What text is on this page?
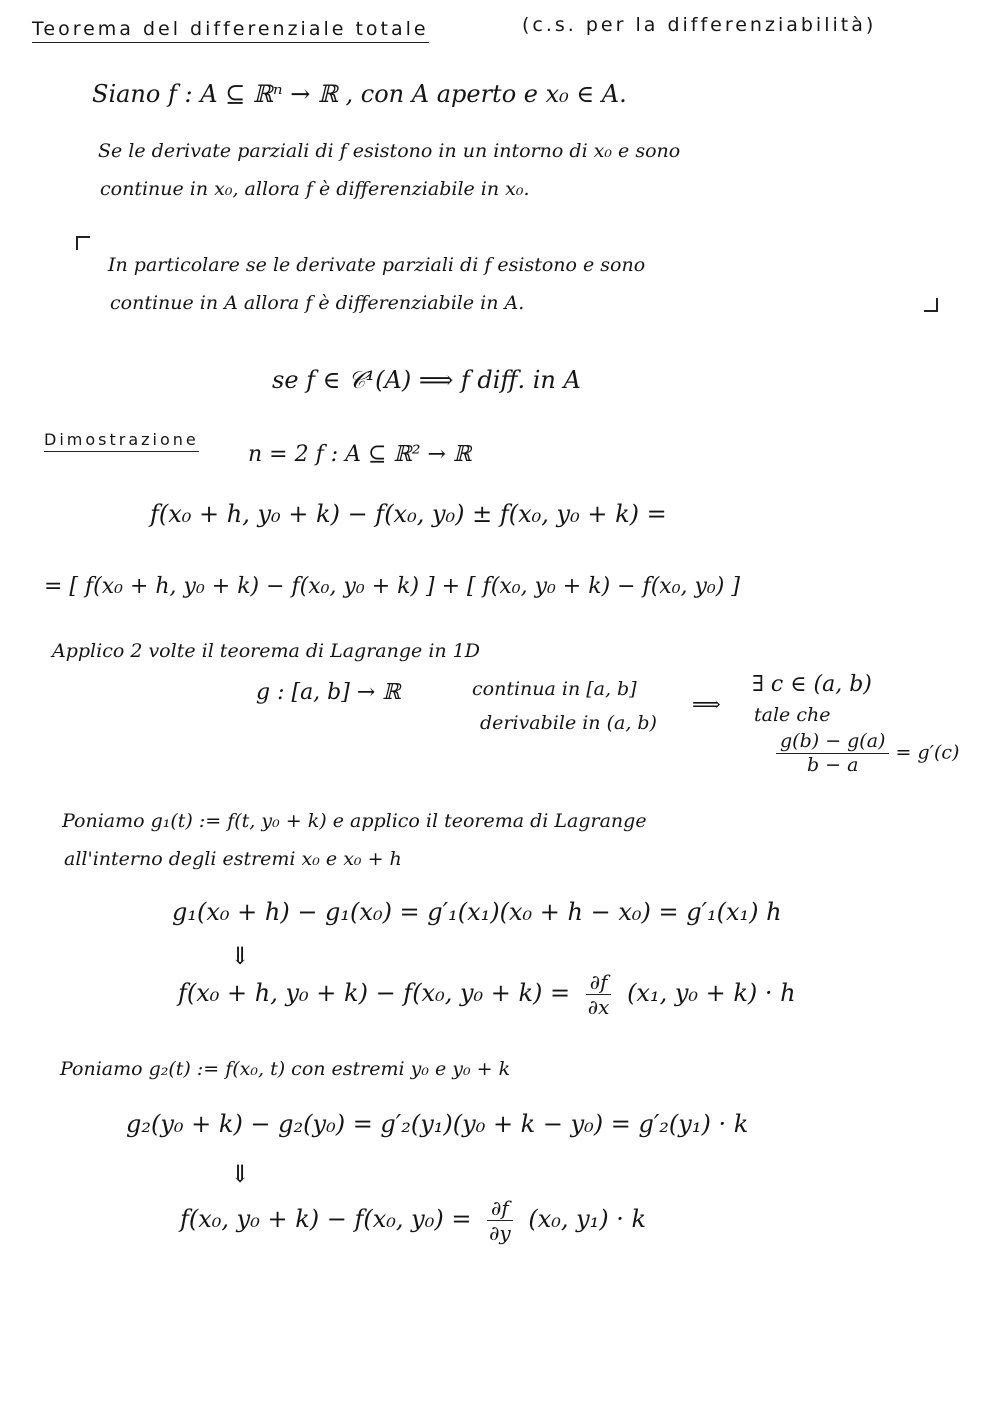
Teorema del differenziale totale	(c.s. per la differenziabilità)
Siano f : A ⊆ ℝⁿ → ℝ , con A aperto e x₀ ∈ A.
Se le derivate parziali di f esistono in un intorno di x₀ e sono
continue in x₀, allora f è differenziabile in x₀.
In particolare se le derivate parziali di f esistono e sono
continue in A allora f è differenziabile in A.
se f ∈ 𝒞¹(A) ⟹ f diff. in A
Dimostrazione
n = 2 f : A ⊆ ℝ² → ℝ
f(x₀ + h, y₀ + k) − f(x₀, y₀) ± f(x₀, y₀ + k) =
= [ f(x₀ + h, y₀ + k) − f(x₀, y₀ + k) ] + [ f(x₀, y₀ + k) − f(x₀, y₀) ]
Applico 2 volte il teorema di Lagrange in 1D
g : [a, b] → ℝ	continua in [a, b]
derivabile in (a, b)
⟹
∃ c ∈ (a, b)
tale che
$\frac{g(b) - g(a)}{b - a} = g'(c)$
Poniamo g₁(t) := f(t, y₀ + k) e applico il teorema di Lagrange
all'interno degli estremi x₀ e x₀ + h
g₁(x₀ + h) − g₁(x₀) = g′₁(x₁)(x₀ + h − x₀) = g′₁(x₁) h
⇓
f(x₀ + h, y₀ + k) − f(x₀, $y_0 + k) = \frac{\partial f}{\partial x} (x_1$, y₀ + k) · h
Poniamo g₂(t) := f(x₀, t) con estremi y₀ e y₀ + k
g₂(y₀ + k) − g₂(y₀) = g′₂(y₁)(y₀ + k − y₀) = g′₂(y₁) · k
⇓
f(x₀, y₀ + k) − f(x₀, $y_0) = \frac{\partial f}{\partial y} (x_0$, y₁) · k
